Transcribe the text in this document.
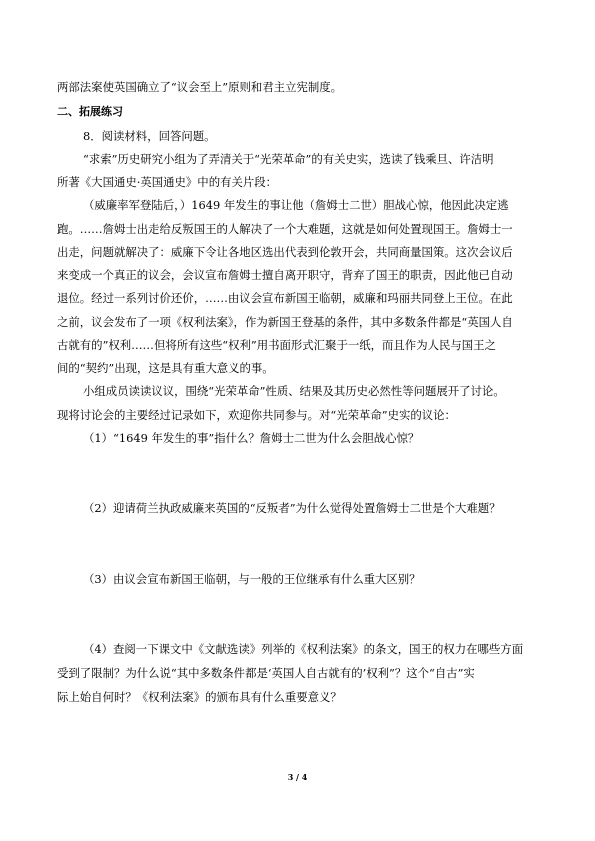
两部法案使英国确立了“议会至上”原则和君主立宪制度。
二、拓展练习
8．阅读材料，回答问题。
“求索”历史研究小组为了弄清关于“光荣革命”的有关史实，选读了钱乘旦、许洁明
所著《大国通史·英国通史》中的有关片段：
（威廉率军登陆后，）1649 年发生的事让他（詹姆士二世）胆战心惊，他因此决定逃
跑。……詹姆士出走给反叛国王的人解决了一个大难题，这就是如何处置现国王。詹姆士一
出走，问题就解决了：威廉下令让各地区选出代表到伦敦开会，共同商量国策。这次会议后
来变成一个真正的议会，会议宣布詹姆士擅自离开职守，背弃了国王的职责，因此他已自动
退位。经过一系列讨价还价，……由议会宣布新国王临朝，威廉和玛丽共同登上王位。在此
之前，议会发布了一项《权利法案》，作为新国王登基的条件，其中多数条件都是“英国人自
古就有的”权利……但将所有这些“权利”用书面形式汇聚于一纸，而且作为人民与国王之
间的“契约”出现，这是具有重大意义的事。
小组成员读读议议，围绕“光荣革命”性质、结果及其历史必然性等问题展开了讨论。
现将讨论会的主要经过记录如下，欢迎你共同参与。对“光荣革命”史实的议论：
（1）“1649 年发生的事”指什么？詹姆士二世为什么会胆战心惊？
（2）迎请荷兰执政威廉来英国的“反叛者”为什么觉得处置詹姆士二世是个大难题？
（3）由议会宣布新国王临朝，与一般的王位继承有什么重大区别？
（4）查阅一下课文中《文献选读》列举的《权利法案》的条文，国王的权力在哪些方面
受到了限制？为什么说“其中多数条件都是‘英国人自古就有的’权利”？这个“自古”实
际上始自何时？《权利法案》的颁布具有什么重要意义？
3 / 4
